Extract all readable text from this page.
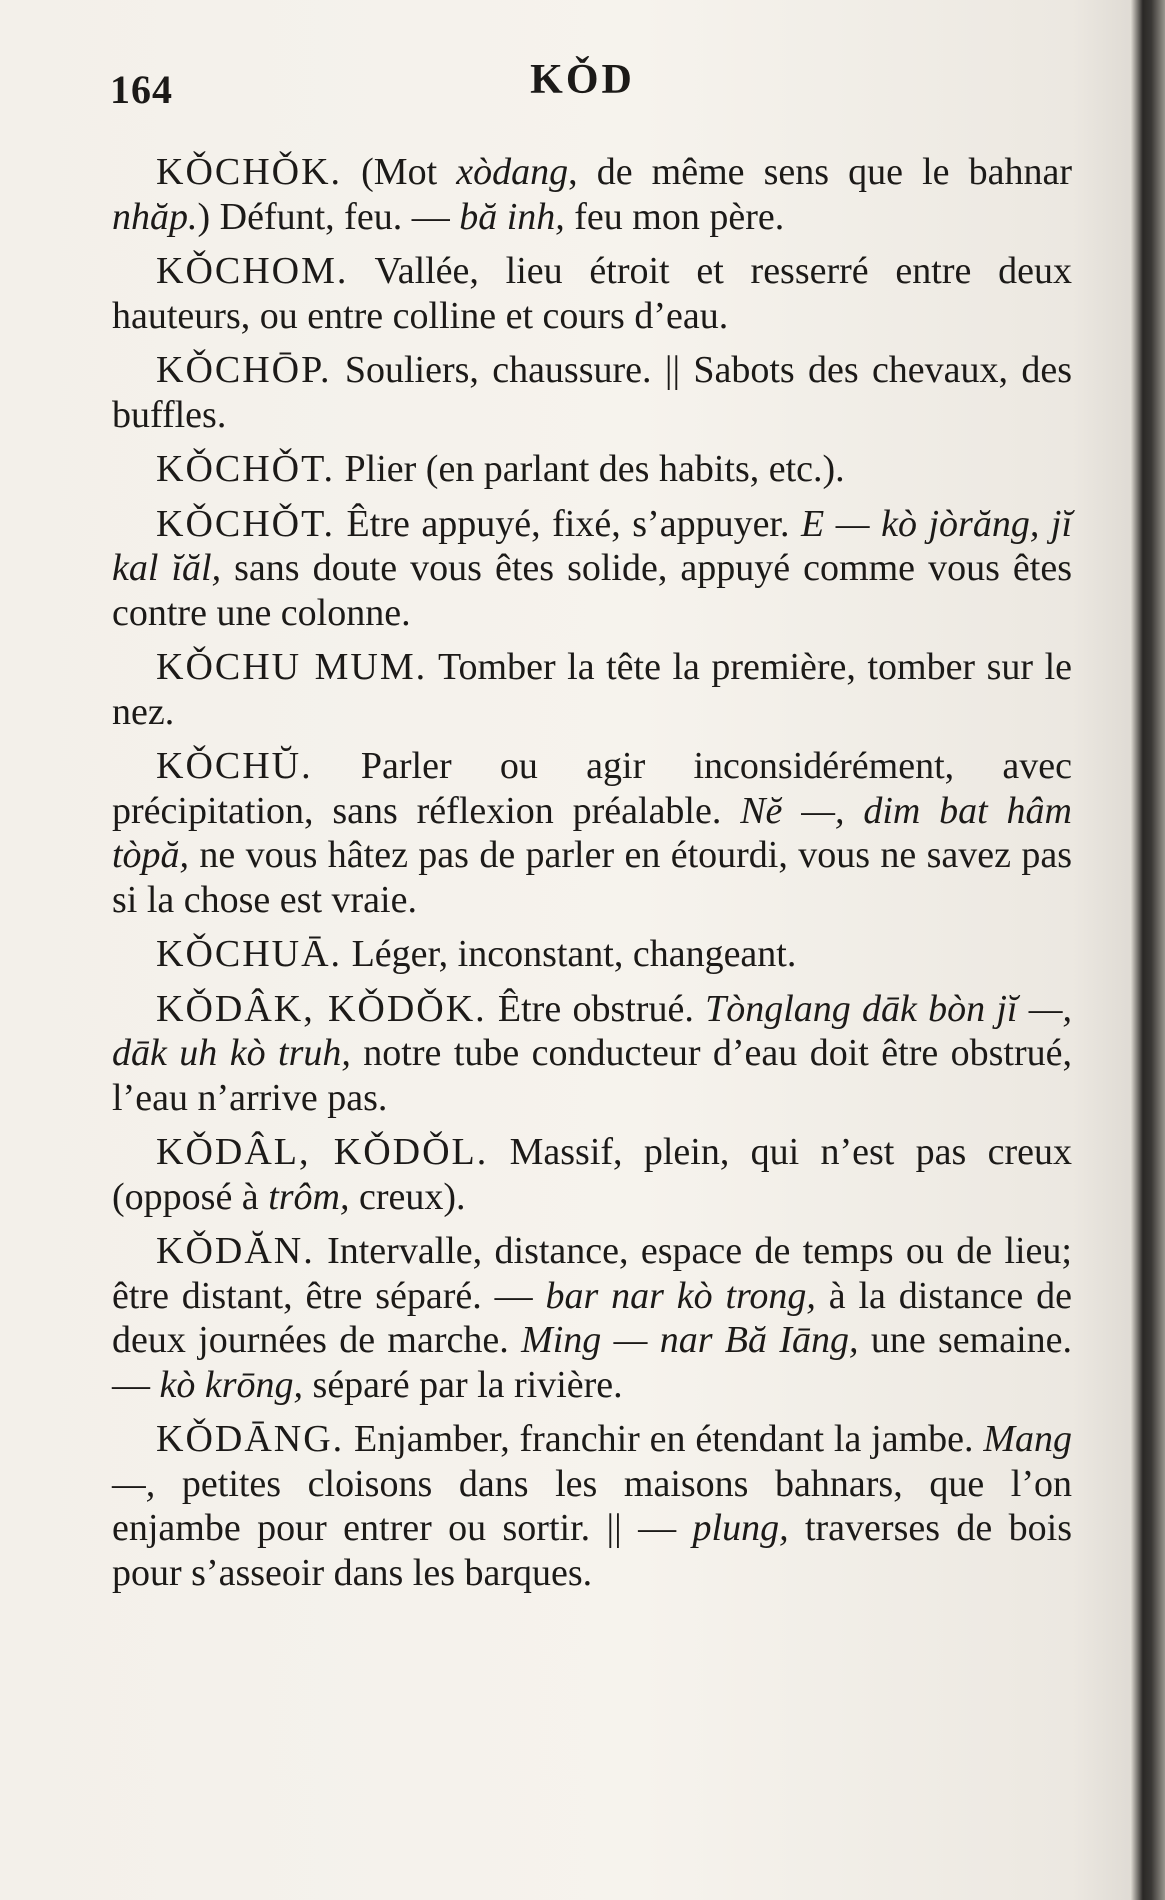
164	KǑD

KǑCHǑK. (Mot xòdang, de même sens que le bahnar nhăp.) Défunt, feu. — bă inh, feu mon père.

KǑCHOM. Vallée, lieu étroit et resserré entre deux hauteurs, ou entre colline et cours d’eau.

KǑCHŌP. Souliers, chaussure. || Sabots des chevaux, des buffles.

KǑCHǑT. Plier (en parlant des habits, etc.).

KǑCHǑT. Être appuyé, fixé, s’appuyer. E — kò jòrăng, jĭ kal ĭăl, sans doute vous êtes solide, appuyé comme vous êtes contre une colonne.

KǑCHU MUM. Tomber la tête la première, tomber sur le nez.

KǑCHŬ. Parler ou agir inconsidérément, avec précipitation, sans réflexion préalable. Nĕ —, dim bat hâm tòpă, ne vous hâtez pas de parler en étourdi, vous ne savez pas si la chose est vraie.

KǑCHUĀ. Léger, inconstant, changeant.

KǑDÂK, KǑDǑK. Être obstrué. Tònglang dāk bòn jĭ —, dāk uh kò truh, notre tube conducteur d’eau doit être obstrué, l’eau n’arrive pas.

KǑDÂL, KǑDǑL. Massif, plein, qui n’est pas creux (opposé à trôm, creux).

KǑDĂN. Intervalle, distance, espace de temps ou de lieu; être distant, être séparé. — bar nar kò trong, à la distance de deux journées de marche. Ming — nar Bă Iāng, une semaine. — kò krōng, séparé par la rivière.

KǑDĀNG. Enjamber, franchir en étendant la jambe. Mang —, petites cloisons dans les maisons bahnars, que l’on enjambe pour entrer ou sortir. || — plung, traverses de bois pour s’asseoir dans les barques.
